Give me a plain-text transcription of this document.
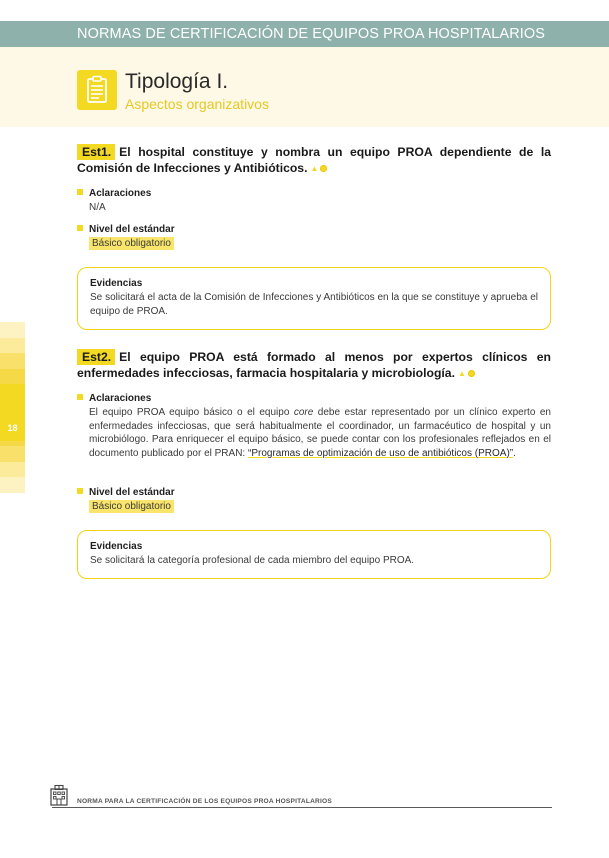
NORMAS DE CERTIFICACIÓN DE EQUIPOS PROA HOSPITALARIOS
Tipología I.
Aspectos organizativos
18
Est1. El hospital constituye y nombra un equipo PROA dependiente de la Comisión de Infecciones y Antibióticos. ▲
Aclaraciones
N/A
Nivel del estándar
Básico obligatorio
Evidencias
Se solicitará el acta de la Comisión de Infecciones y Antibióticos en la que se constituye y aprueba el equipo de PROA.
Est2. El equipo PROA está formado al menos por expertos clínicos en enfermedades infecciosas, farmacia hospitalaria y microbiología. ▲
Aclaraciones
El equipo PROA equipo básico o el equipo core debe estar representado por un clínico experto en enfermedades infecciosas, que será habitualmente el coordinador, un farmacéutico de hospital y un microbiólogo. Para enriquecer el equipo básico, se puede contar con los profesionales reflejados en el documento publicado por el PRAN: “Programas de optimización de uso de antibióticos (PROA)”.
Nivel del estándar
Básico obligatorio
Evidencias
Se solicitará la categoría profesional de cada miembro del equipo PROA.
NORMA PARA LA CERTIFICACIÓN DE LOS EQUIPOS PROA HOSPITALARIOS
